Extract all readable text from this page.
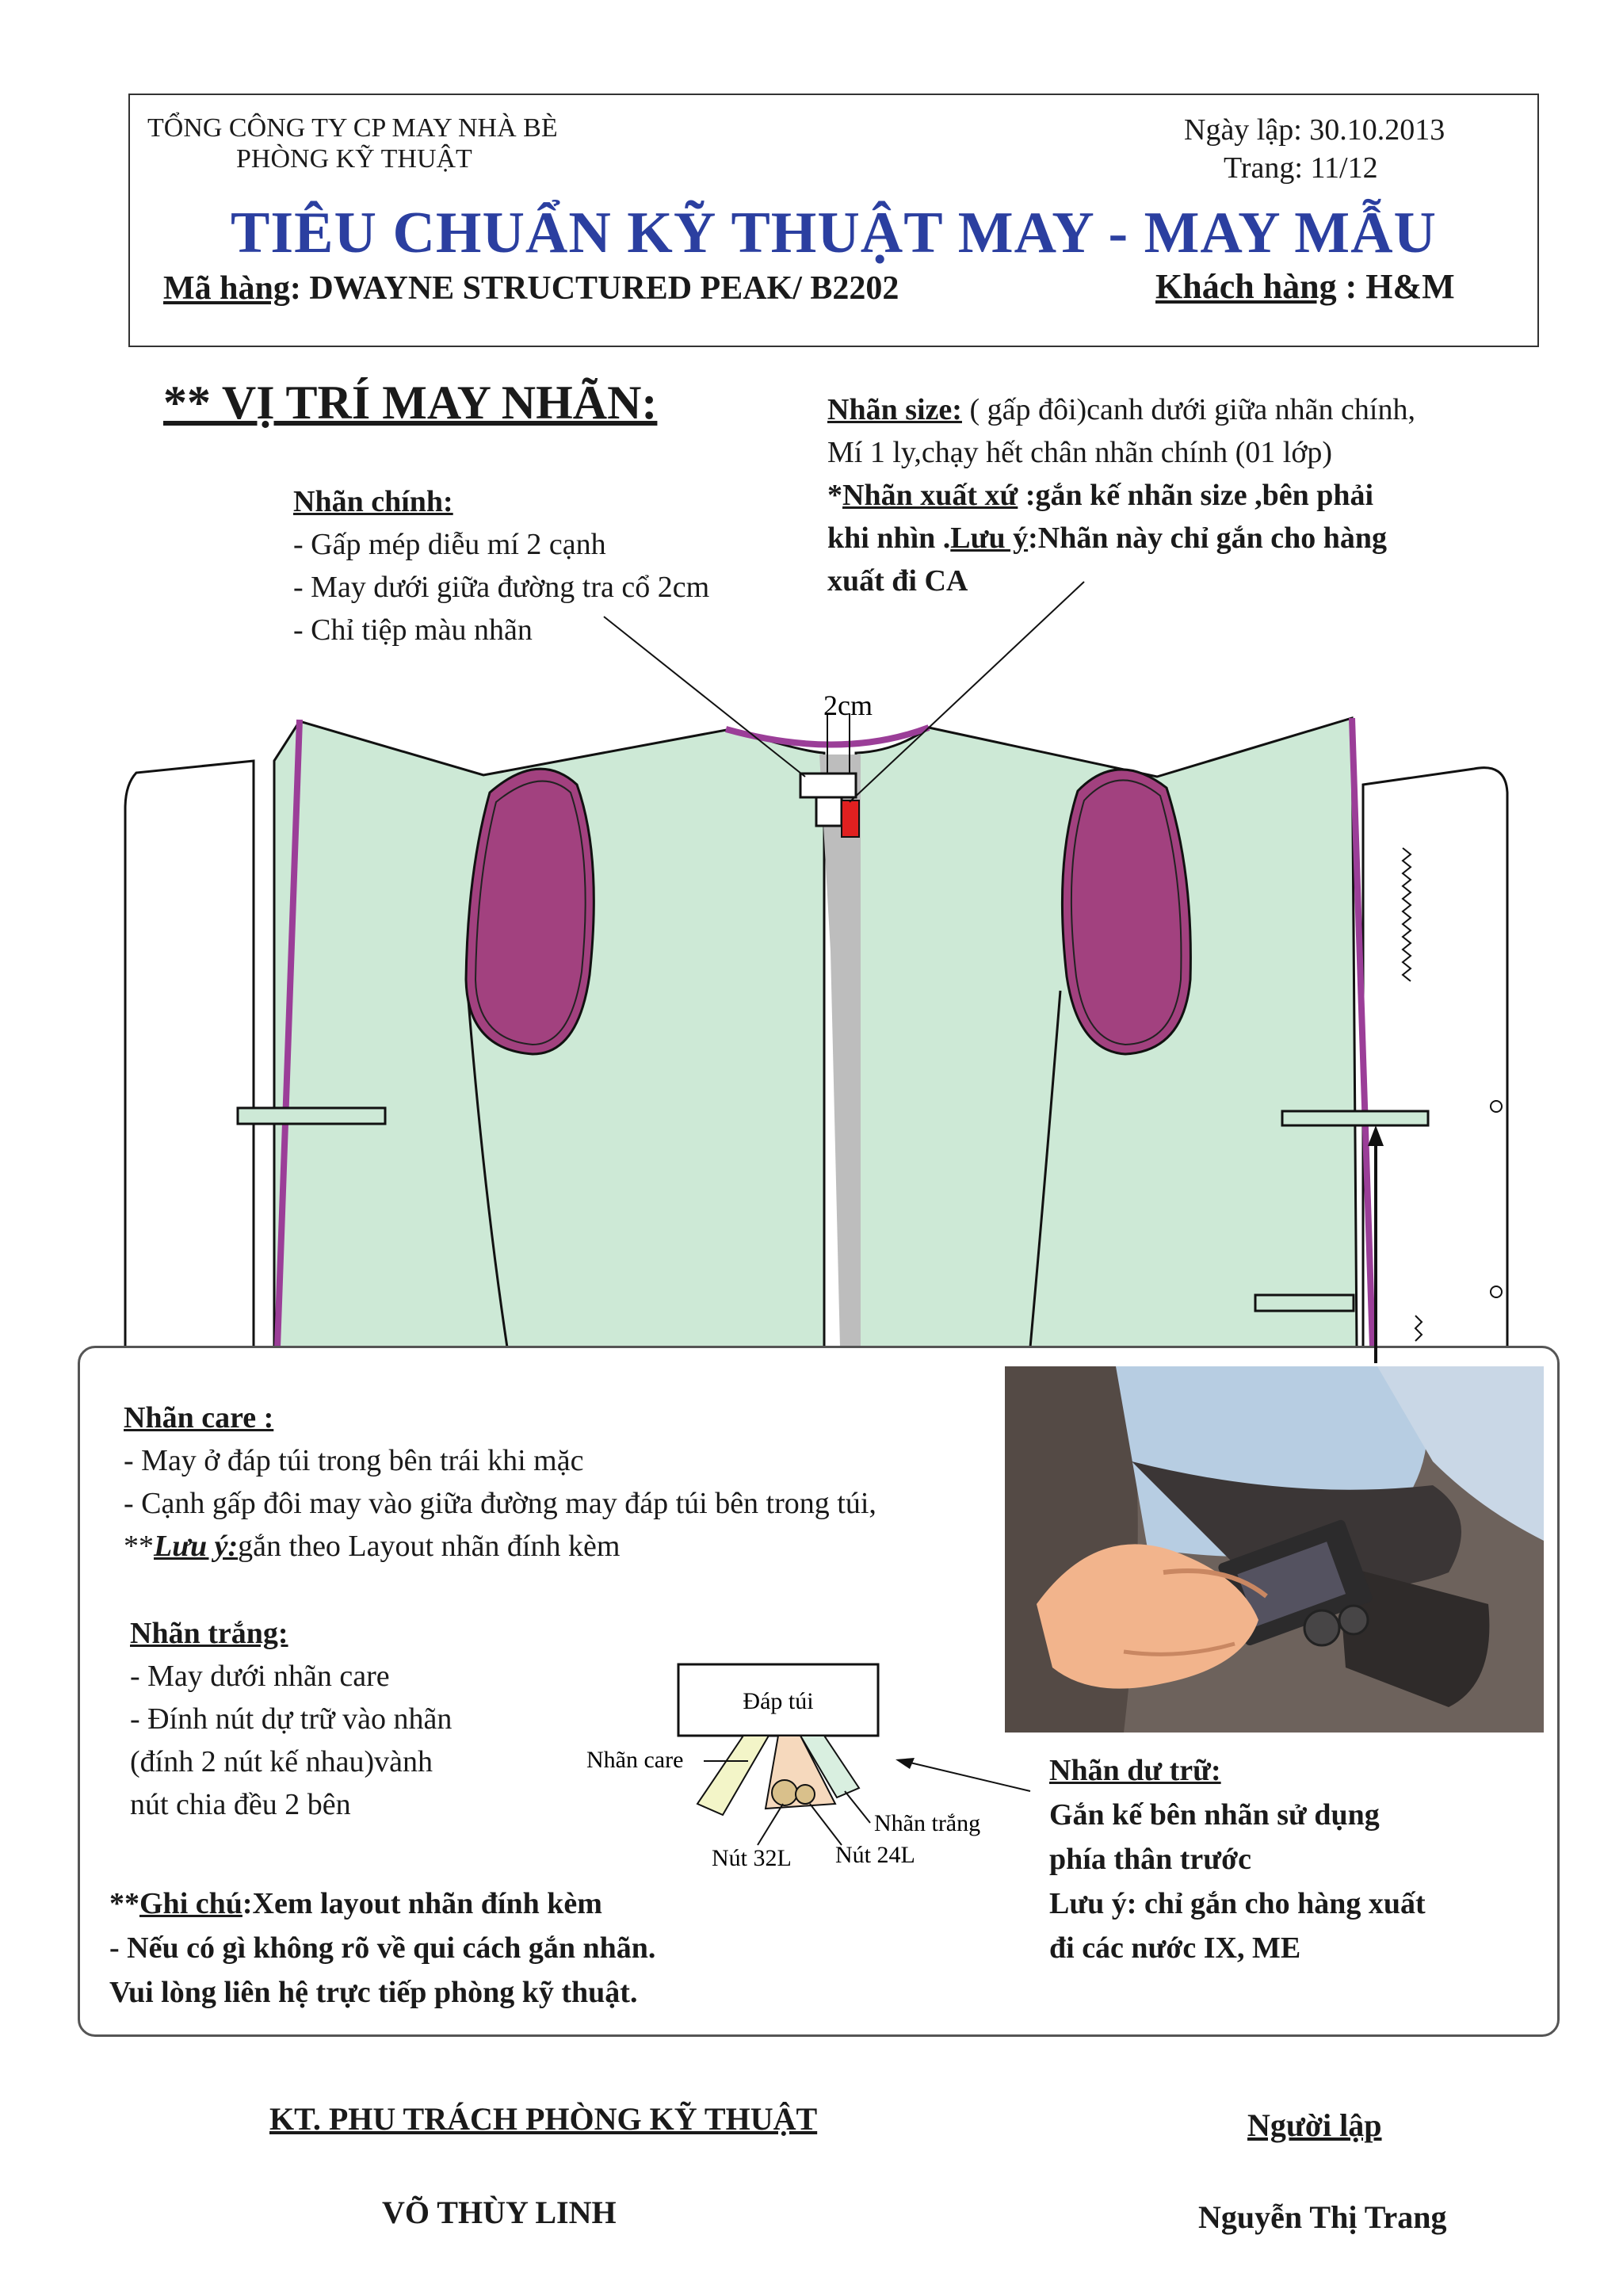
TỔNG CÔNG TY CP MAY NHÀ BÈ
PHÒNG KỸ THUẬT
Ngày lập: 30.10.2013
Trang: 11/12
TIÊU CHUẨN KỸ THUẬT MAY - MAY MẪU
Mã hàng: DWAYNE STRUCTURED PEAK/ B2202	Khách hàng : H&M
** VỊ TRÍ MAY NHÃN:
Nhãn chính:
- Gấp mép diễu mí 2 cạnh
- May dưới giữa đường tra cổ 2cm
- Chỉ tiệp màu nhãn
Nhãn size: ( gấp đôi)canh dưới giữa nhãn chính,
Mí 1 ly,chạy hết chân nhãn chính (01 lớp)
*Nhãn xuất xứ :gắn kế nhãn size ,bên phải
khi nhìn .Lưu ý:Nhãn này chỉ gắn cho hàng
xuất đi CA
2cm
Nhãn care :
- May ở đáp túi trong bên trái khi mặc
- Cạnh gấp đôi may vào giữa đường may đáp túi bên trong túi,
**Lưu ý:gắn theo Layout nhãn đính kèm
Nhãn trắng:
- May dưới nhãn care
- Đính nút dự trữ vào nhãn
(đính 2 nút kế nhau)vành
nút chia đều 2 bên
Đáp túi
Nhãn care
Nhãn trắng
Nút 32L Nút 24L
Nhãn dư trữ:
Gắn kế bên nhãn sử dụng
phía thân trước
Lưu ý: chỉ gắn cho hàng xuất
đi các nước IX, ME
**Ghi chú:Xem layout nhãn đính kèm
- Nếu có gì không rõ về qui cách gắn nhãn.
Vui lòng liên hệ trực tiếp phòng kỹ thuật.
KT. PHU TRÁCH PHÒNG KỸ THUẬT
VÕ THÙY LINH
Người lập
Nguyễn Thị Trang
